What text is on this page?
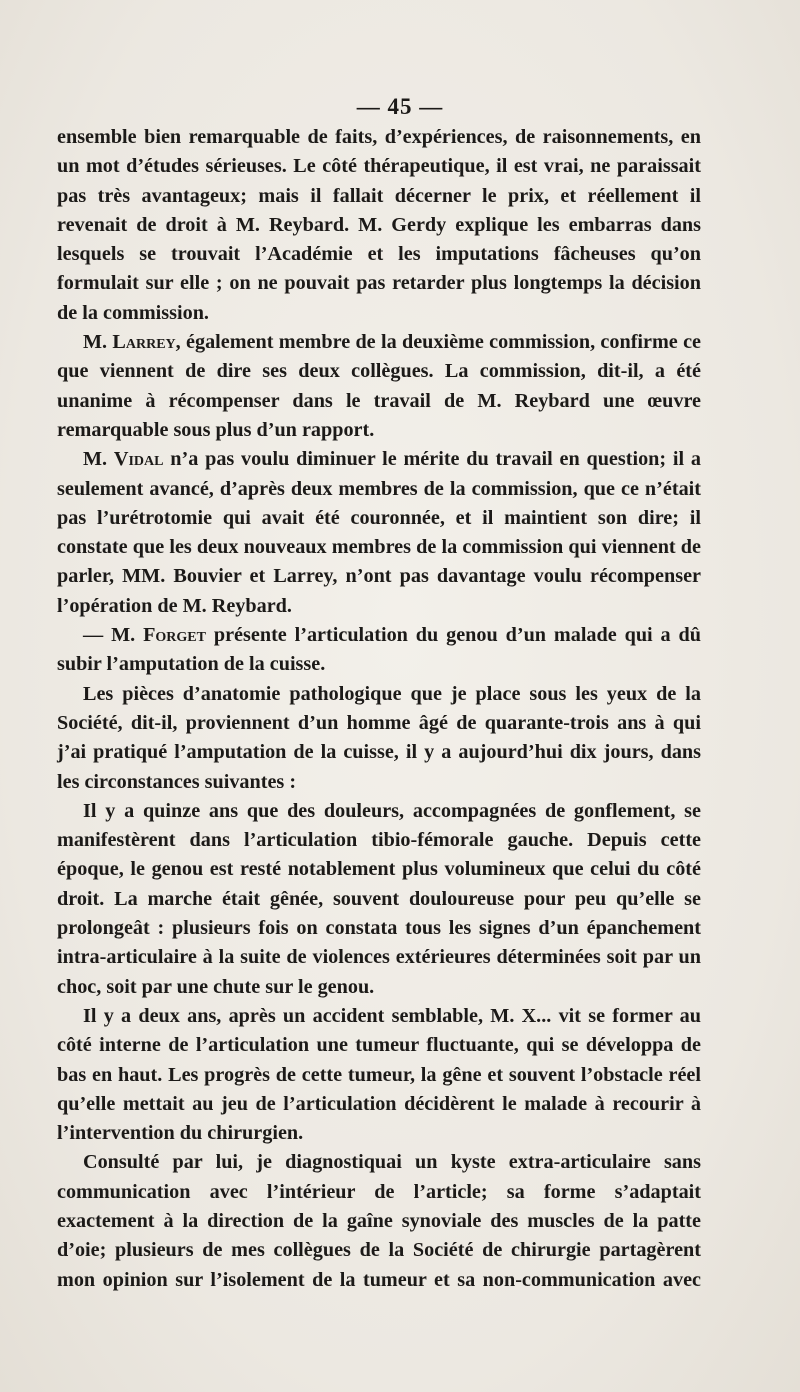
— 45 —

ensemble bien remarquable de faits, d’expériences, de raisonnements, en un mot d’études sérieuses. Le côté thérapeutique, il est vrai, ne paraissait pas très avantageux; mais il fallait décerner le prix, et réellement il revenait de droit à M. Reybard. M. Gerdy explique les embarras dans lesquels se trouvait l’Académie et les imputations fâcheuses qu’on formulait sur elle ; on ne pouvait pas retarder plus longtemps la décision de la commission.

M. Larrey, également membre de la deuxième commission, confirme ce que viennent de dire ses deux collègues. La commission, dit-il, a été unanime à récompenser dans le travail de M. Reybard une œuvre remarquable sous plus d’un rapport.

M. Vidal n’a pas voulu diminuer le mérite du travail en question; il a seulement avancé, d’après deux membres de la commission, que ce n’était pas l’urétrotomie qui avait été couronnée, et il maintient son dire; il constate que les deux nouveaux membres de la commission qui viennent de parler, MM. Bouvier et Larrey, n’ont pas davantage voulu récompenser l’opération de M. Reybard.

— M. Forget présente l’articulation du genou d’un malade qui a dû subir l’amputation de la cuisse.

Les pièces d’anatomie pathologique que je place sous les yeux de la Société, dit-il, proviennent d’un homme âgé de quarante-trois ans à qui j’ai pratiqué l’amputation de la cuisse, il y a aujourd’hui dix jours, dans les circonstances suivantes :

Il y a quinze ans que des douleurs, accompagnées de gonflement, se manifestèrent dans l’articulation tibio-fémorale gauche. Depuis cette époque, le genou est resté notablement plus volumineux que celui du côté droit. La marche était gênée, souvent douloureuse pour peu qu’elle se prolongeât : plusieurs fois on constata tous les signes d’un épanchement intra-articulaire à la suite de violences extérieures déterminées soit par un choc, soit par une chute sur le genou.

Il y a deux ans, après un accident semblable, M. X... vit se former au côté interne de l’articulation une tumeur fluctuante, qui se développa de bas en haut. Les progrès de cette tumeur, la gêne et souvent l’obstacle réel qu’elle mettait au jeu de l’articulation décidèrent le malade à recourir à l’intervention du chirurgien.

Consulté par lui, je diagnostiquai un kyste extra-articulaire sans communication avec l’intérieur de l’article; sa forme s’adaptait exactement à la direction de la gaîne synoviale des muscles de la patte d’oie; plusieurs de mes collègues de la Société de chirurgie partagèrent mon opinion sur l’isolement de la tumeur et sa non-communication avec
